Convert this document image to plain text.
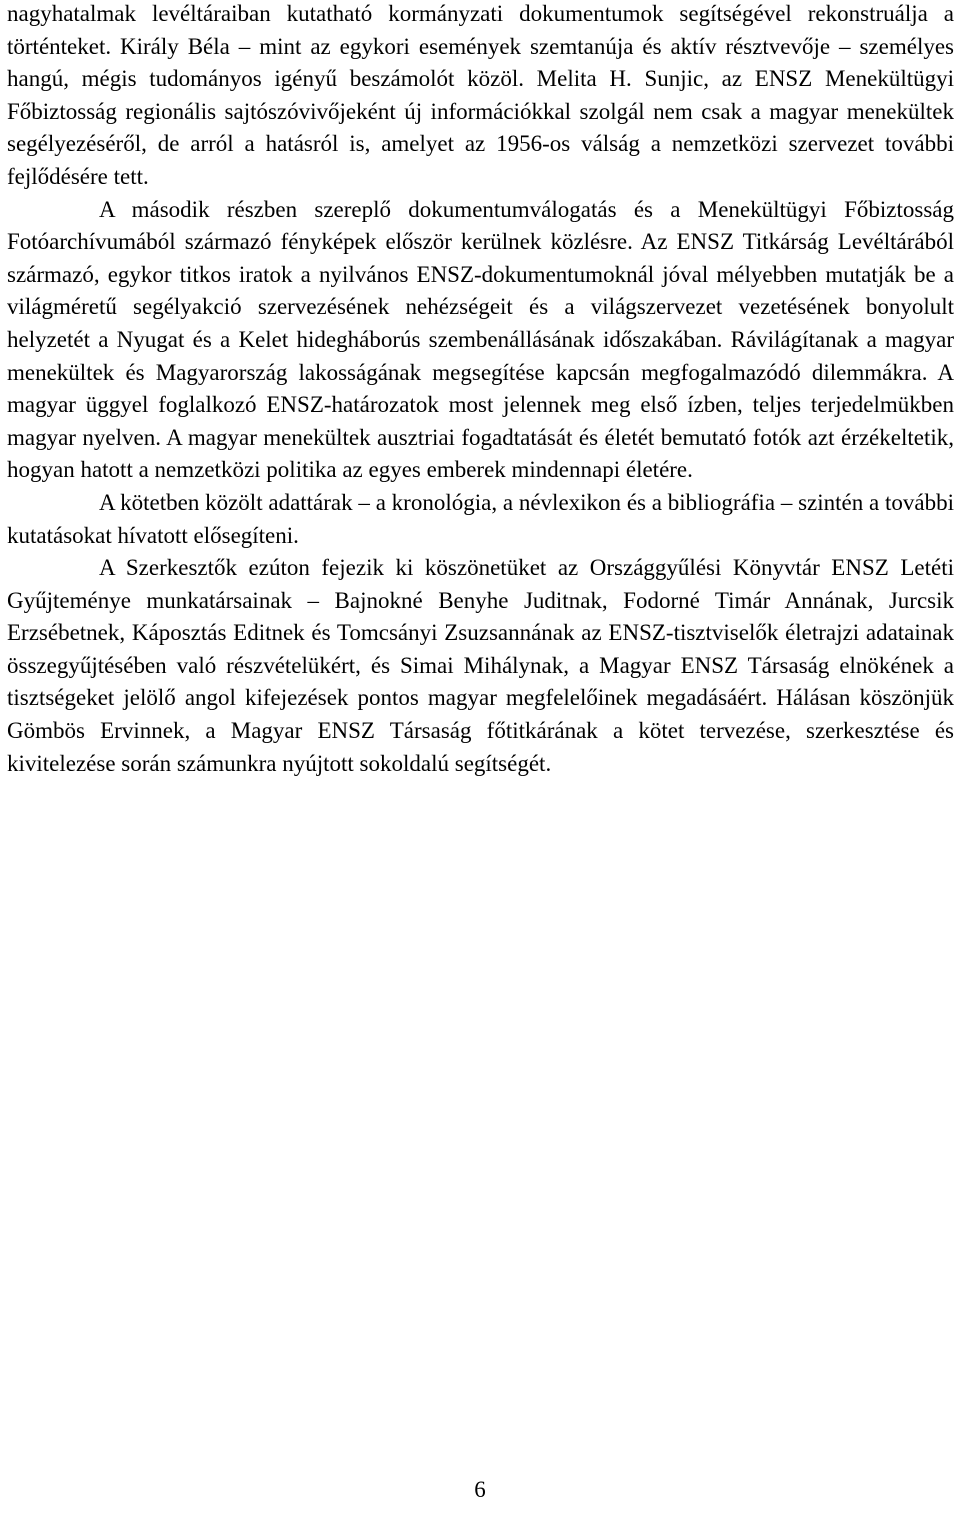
nagyhatalmak levéltáraiban kutatható kormányzati dokumentumok segítségével rekonstruálja a történteket. Király Béla – mint az egykori események szemtanúja és aktív résztvevője – személyes hangú, mégis tudományos igényű beszámolót közöl. Melita H. Sunjic, az ENSZ Menekültügyi Főbiztosság regionális sajtószóvivőjeként új információkkal szolgál nem csak a magyar menekültek segélyezéséről, de arról a hatásról is, amelyet az 1956-os válság a nemzetközi szervezet további fejlődésére tett.

A második részben szereplő dokumentumválogatás és a Menekültügyi Főbiztosság Fotóarchívumából származó fényképek először kerülnek közlésre. Az ENSZ Titkárság Levéltárából származó, egykor titkos iratok a nyilvános ENSZ-dokumentumoknál jóval mélyebben mutatják be a világméretű segélyakció szervezésének nehézségeit és a világszervezet vezetésének bonyolult helyzetét a Nyugat és a Kelet hidegháborús szembenállásának időszakában. Rávilágítanak a magyar menekültek és Magyarország lakosságának megsegítése kapcsán megfogalmazódó dilemmákra. A magyar üggyel foglalkozó ENSZ-határozatok most jelennek meg első ízben, teljes terjedelmükben magyar nyelven. A magyar menekültek ausztriai fogadtatását és életét bemutató fotók azt érzékeltetik, hogyan hatott a nemzetközi politika az egyes emberek mindennapi életére.

A kötetben közölt adattárak – a kronológia, a névlexikon és a bibliográfia – szintén a további kutatásokat hívatott elősegíteni.

A Szerkesztők ezúton fejezik ki köszönetüket az Országgyűlési Könyvtár ENSZ Letéti Gyűjteménye munkatársainak – Bajnokné Benyhe Juditnak, Fodorné Timár Annának, Jurcsik Erzsébetnek, Káposztás Editnek és Tomcsányi Zsuzsannának az ENSZ-tisztviselők életrajzi adatainak összegyűjtésében való részvételükért, és Simai Mihálynak, a Magyar ENSZ Társaság elnökének a tisztségeket jelölő angol kifejezések pontos magyar megfelelőinek megadásáért. Hálásan köszönjük Gömbös Ervinnek, a Magyar ENSZ Társaság főtitkárának a kötet tervezése, szerkesztése és kivitelezése során számunkra nyújtott sokoldalú segítségét.

6
